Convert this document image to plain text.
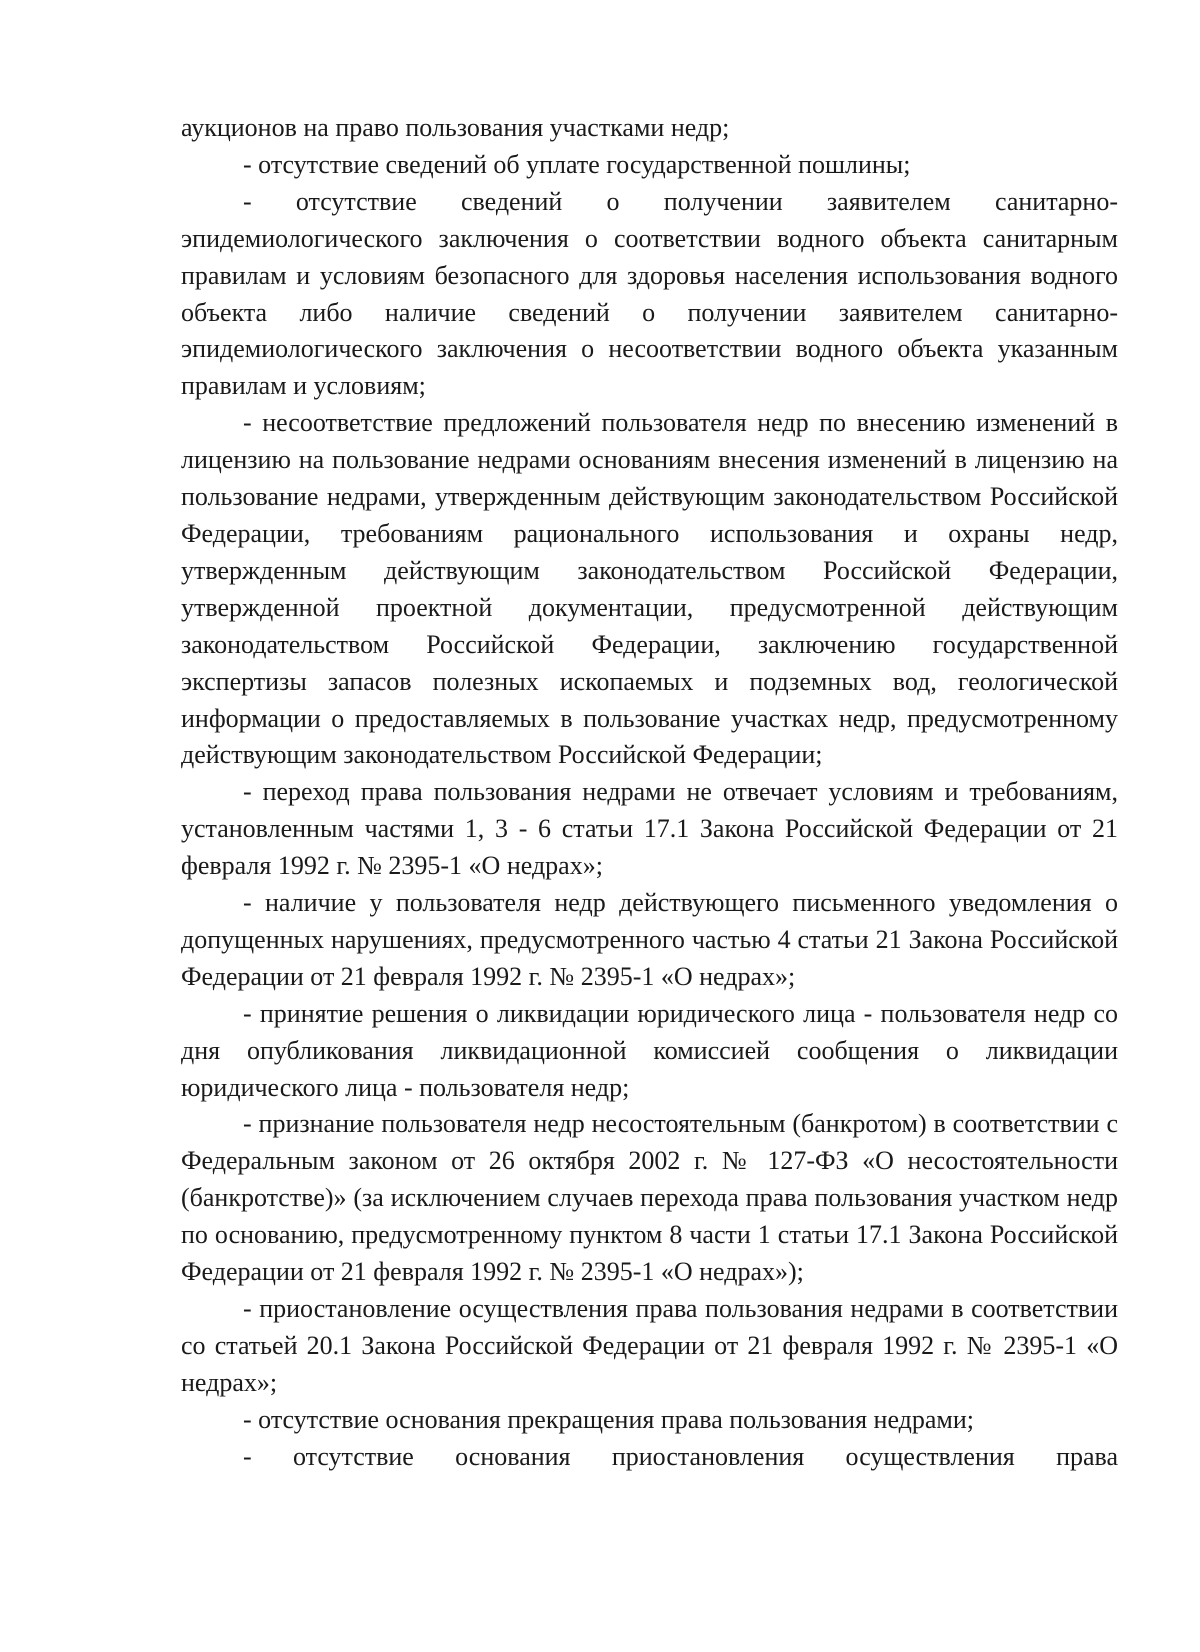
аукционов на право пользования участками недр;

- отсутствие сведений об уплате государственной пошлины;

- отсутствие сведений о получении заявителем санитарно-эпидемиологического заключения о соответствии водного объекта санитарным правилам и условиям безопасного для здоровья населения использования водного объекта либо наличие сведений о получении заявителем санитарно-эпидемиологического заключения о несоответствии водного объекта указанным правилам и условиям;

- несоответствие предложений пользователя недр по внесению изменений в лицензию на пользование недрами основаниям внесения изменений в лицензию на пользование недрами, утвержденным действующим законодательством Российской Федерации, требованиям рационального использования и охраны недр, утвержденным действующим законодательством Российской Федерации, утвержденной проектной документации, предусмотренной действующим законодательством Российской Федерации, заключению государственной экспертизы запасов полезных ископаемых и подземных вод, геологической информации о предоставляемых в пользование участках недр, предусмотренному действующим законодательством Российской Федерации;

- переход права пользования недрами не отвечает условиям и требованиям, установленным частями 1, 3 - 6 статьи 17.1 Закона Российской Федерации от 21 февраля 1992 г. № 2395-1 «О недрах»;

- наличие у пользователя недр действующего письменного уведомления о допущенных нарушениях, предусмотренного частью 4 статьи 21 Закона Российской Федерации от 21 февраля 1992 г. № 2395-1 «О недрах»;

- принятие решения о ликвидации юридического лица - пользователя недр со дня опубликования ликвидационной комиссией сообщения о ликвидации юридического лица - пользователя недр;

- признание пользователя недр несостоятельным (банкротом) в соответствии с Федеральным законом от 26 октября 2002 г. № 127-ФЗ «О несостоятельности (банкротстве)» (за исключением случаев перехода права пользования участком недр по основанию, предусмотренному пунктом 8 части 1 статьи 17.1 Закона Российской Федерации от 21 февраля 1992 г. № 2395-1 «О недрах»);

- приостановление осуществления права пользования недрами в соответствии со статьей 20.1 Закона Российской Федерации от 21 февраля 1992 г. № 2395-1 «О недрах»;

- отсутствие основания прекращения права пользования недрами;

- отсутствие основания приостановления осуществления права
